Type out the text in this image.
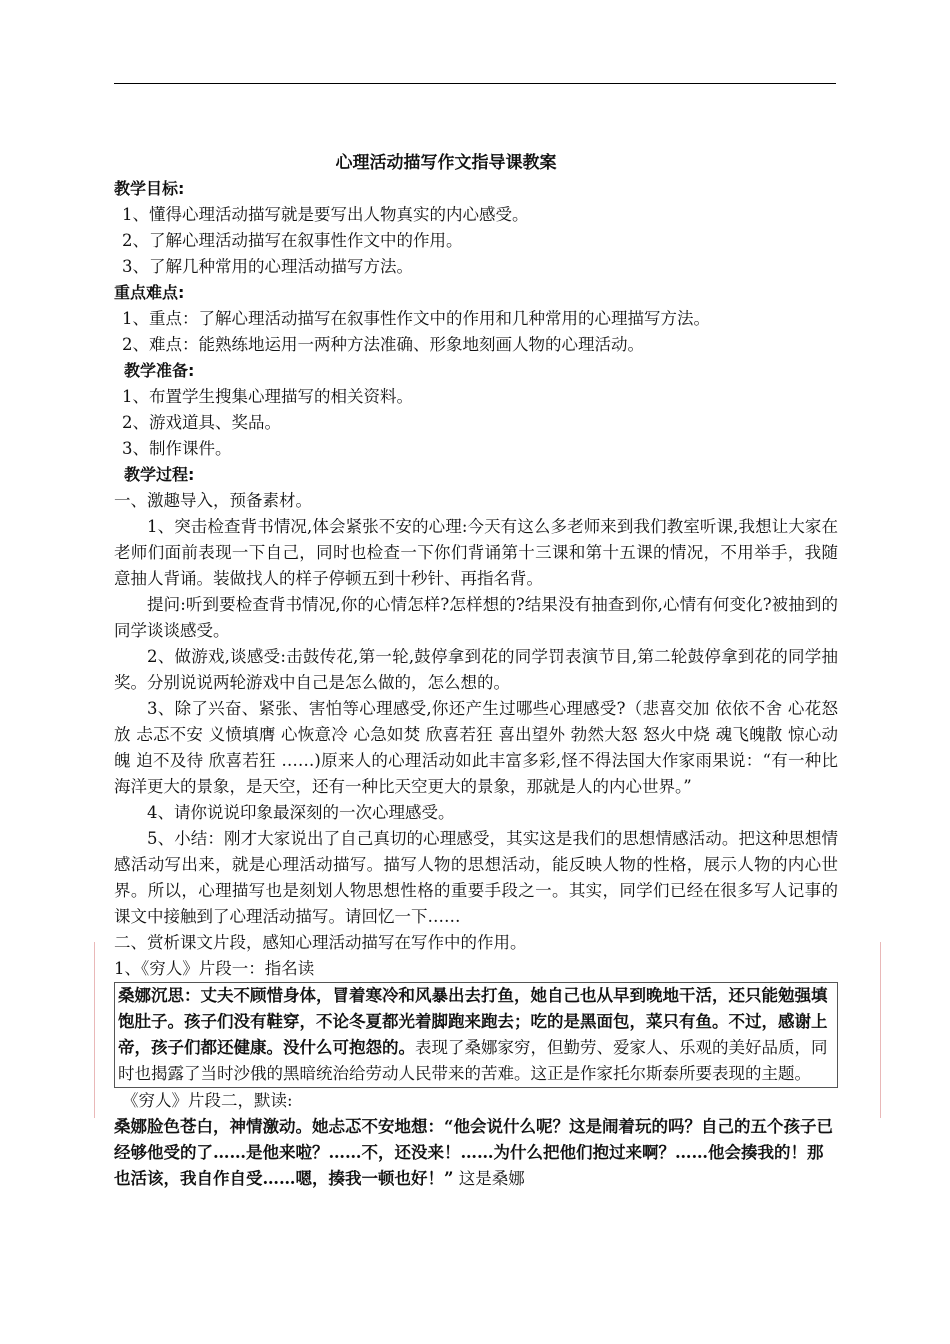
心理活动描写作文指导课教案
教学目标:
1、懂得心理活动描写就是要写出人物真实的内心感受。
2、了解心理活动描写在叙事性作文中的作用。
3、了解几种常用的心理活动描写方法。
重点难点:
1、重点：了解心理活动描写在叙事性作文中的作用和几种常用的心理描写方法。
2、难点：能熟练地运用一两种方法准确、形象地刻画人物的心理活动。
教学准备:
1、布置学生搜集心理描写的相关资料。
2、游戏道具、奖品。
3、制作课件。
教学过程:
一、激趣导入，预备素材。
1、突击检查背书情况,体会紧张不安的心理:今天有这么多老师来到我们教室听课,我想让大家在老师们面前表现一下自己，同时也检查一下你们背诵第十三课和第十五课的情况，不用举手，我随意抽人背诵。装做找人的样子停顿五到十秒针、再指名背。
提问:听到要检查背书情况,你的心情怎样?怎样想的?结果没有抽查到你,心情有何变化?被抽到的同学谈谈感受。
2、做游戏,谈感受:击鼓传花,第一轮,鼓停拿到花的同学罚表演节目,第二轮鼓停拿到花的同学抽奖。分别说说两轮游戏中自己是怎么做的，怎么想的。
3、除了兴奋、紧张、害怕等心理感受,你还产生过哪些心理感受?（悲喜交加 依依不舍 心花怒放 忐忑不安 义愤填膺 心恢意冷 心急如焚 欣喜若狂 喜出望外 勃然大怒 怒火中烧 魂飞魄散 惊心动魄 迫不及待 欣喜若狂 ……)原来人的心理活动如此丰富多彩,怪不得法国大作家雨果说：“有一种比海洋更大的景象，是天空，还有一种比天空更大的景象，那就是人的内心世界。”
4、请你说说印象最深刻的一次心理感受。
5、小结：刚才大家说出了自己真切的心理感受，其实这是我们的思想情感活动。把这种思想情感活动写出来，就是心理活动描写。描写人物的思想活动，能反映人物的性格，展示人物的内心世界。所以，心理描写也是刻划人物思想性格的重要手段之一。其实，同学们已经在很多写人记事的课文中接触到了心理活动描写。请回忆一下……
二、赏析课文片段，感知心理活动描写在写作中的作用。
1、《穷人》片段一：指名读
桑娜沉思：丈夫不顾惜身体，冒着寒冷和风暴出去打鱼，她自己也从早到晚地干活，还只能勉强填饱肚子。孩子们没有鞋穿，不论冬夏都光着脚跑来跑去；吃的是黑面包，菜只有鱼。不过，感谢上帝，孩子们都还健康。没什么可抱怨的。表现了桑娜家穷，但勤劳、爱家人、乐观的美好品质，同时也揭露了当时沙俄的黑暗统治给劳动人民带来的苦难。这正是作家托尔斯泰所要表现的主题。
《穷人》片段二，默读:
桑娜脸色苍白，神情激动。她忐忑不安地想：“他会说什么呢？这是闹着玩的吗？自己的五个孩子已经够他受的了……是他来啦？……不，还没来！……为什么把他们抱过来啊？……他会揍我的！那也活该，我自作自受……嗯，揍我一顿也好！” 这是桑娜
